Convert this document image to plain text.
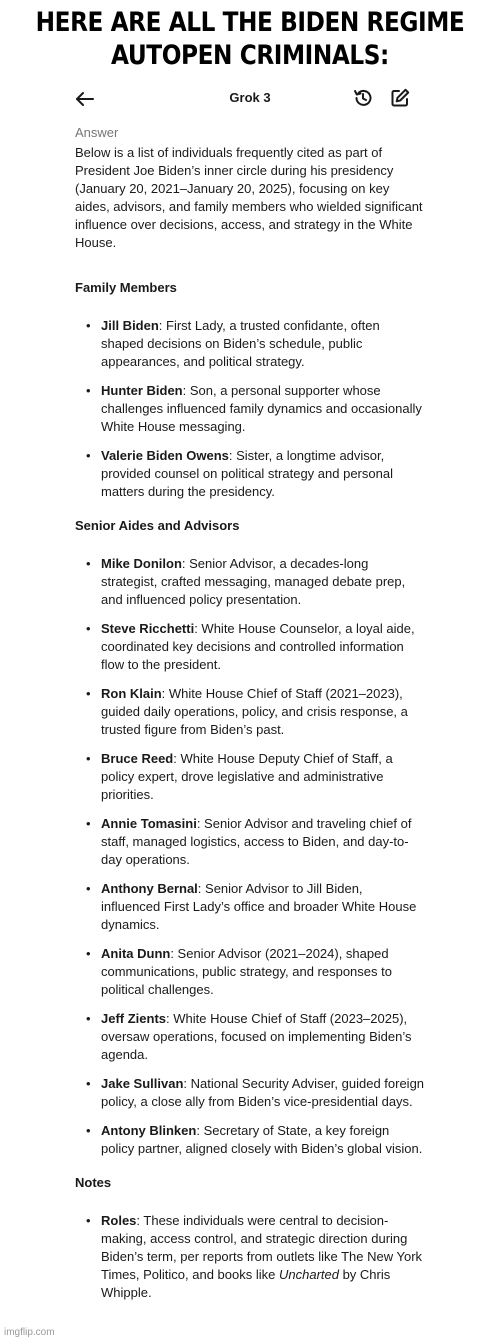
HERE ARE ALL THE BIDEN REGIME
AUTOPEN CRIMINALS:
Grok 3
Answer
Below is a list of individuals frequently cited as part of President Joe Biden’s inner circle during his presidency (January 20, 2021–January 20, 2025), focusing on key aides, advisors, and family members who wielded significant influence over decisions, access, and strategy in the White House.
Family Members
• Jill Biden: First Lady, a trusted confidante, often shaped decisions on Biden’s schedule, public appearances, and political strategy.
• Hunter Biden: Son, a personal supporter whose challenges influenced family dynamics and occasionally White House messaging.
• Valerie Biden Owens: Sister, a longtime advisor, provided counsel on political strategy and personal matters during the presidency.
Senior Aides and Advisors
• Mike Donilon: Senior Advisor, a decades-long strategist, crafted messaging, managed debate prep, and influenced policy presentation.
• Steve Ricchetti: White House Counselor, a loyal aide, coordinated key decisions and controlled information flow to the president.
• Ron Klain: White House Chief of Staff (2021–2023), guided daily operations, policy, and crisis response, a trusted figure from Biden’s past.
• Bruce Reed: White House Deputy Chief of Staff, a policy expert, drove legislative and administrative priorities.
• Annie Tomasini: Senior Advisor and traveling chief of staff, managed logistics, access to Biden, and day-to-day operations.
• Anthony Bernal: Senior Advisor to Jill Biden, influenced First Lady’s office and broader White House dynamics.
• Anita Dunn: Senior Advisor (2021–2024), shaped communications, public strategy, and responses to political challenges.
• Jeff Zients: White House Chief of Staff (2023–2025), oversaw operations, focused on implementing Biden’s agenda.
• Jake Sullivan: National Security Adviser, guided foreign policy, a close ally from Biden’s vice-presidential days.
• Antony Blinken: Secretary of State, a key foreign policy partner, aligned closely with Biden’s global vision.
Notes
• Roles: These individuals were central to decision-making, access control, and strategic direction during Biden’s term, per reports from outlets like The New York Times, Politico, and books like Uncharted by Chris Whipple.
imgflip.com
